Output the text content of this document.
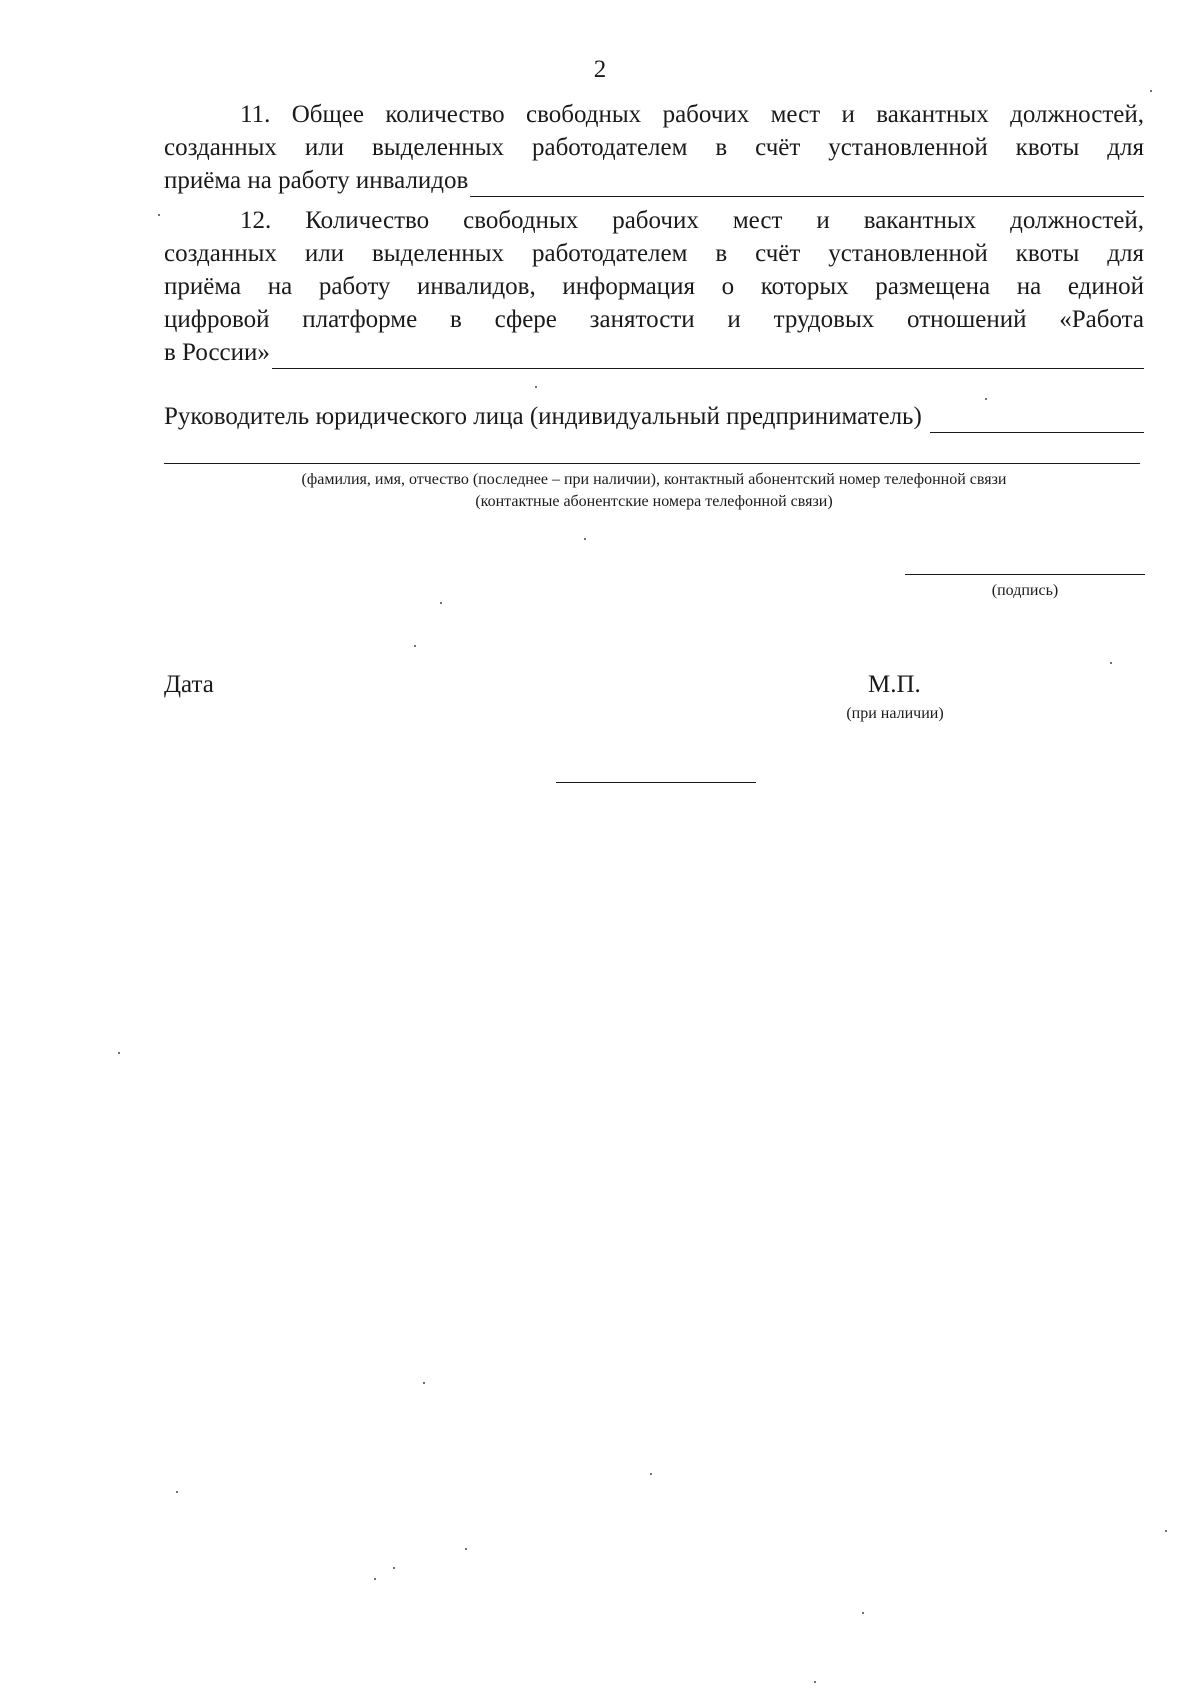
2
11. Общее количество свободных рабочих мест и вакантных должностей,
созданных или выделенных работодателем в счёт установленной квоты для
приёма на работу инвалидов
12. Количество свободных рабочих мест и вакантных должностей,
созданных или выделенных работодателем в счёт установленной квоты для
приёма на работу инвалидов, информация о которых размещена на единой
цифровой платформе в сфере занятости и трудовых отношений «Работа
в России»
Руководитель юридического лица (индивидуальный предприниматель)
(фамилия, имя, отчество (последнее – при наличии), контактный абонентский номер телефонной связи
(контактные абонентские номера телефонной связи)
(подпись)
Дата	М.П.
(при наличии)
